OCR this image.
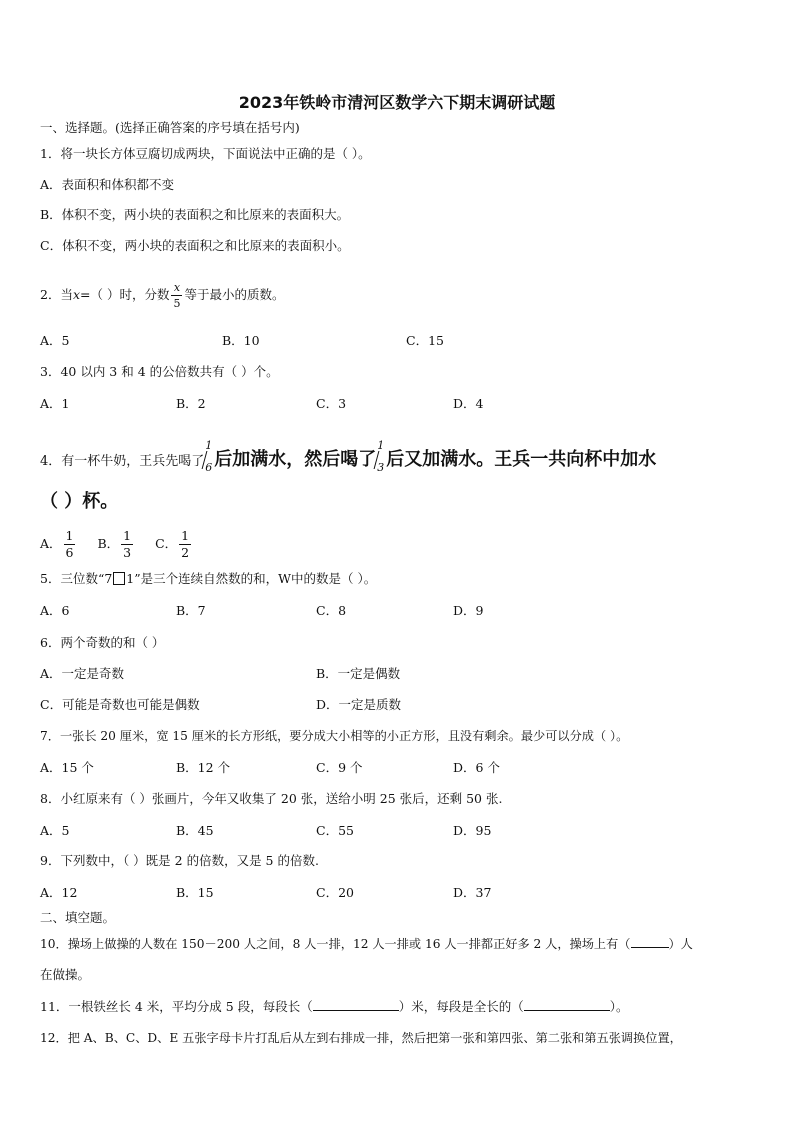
2023年铁岭市清河区数学六下期末调研试题
一、选择题。(选择正确答案的序号填在括号内)
1．将一块长方体豆腐切成两块，下面说法中正确的是（ ）。
A．表面积和体积都不变
B．体积不变，两小块的表面积之和比原来的表面积大。
C．体积不变，两小块的表面积之和比原来的表面积小。
2．当x=（ ）时，分数 $\frac{x}{5}$ 等于最小的质数。
A．5	B．10	C．15
3．40 以内 3 和 4 的公倍数共有（ ）个。
A．1	B．2	C．3	D．4
4．有一杯牛奶，王兵先喝了
1
6 后加满水，然后喝了
1
3 后又加满水。王兵一共向杯中加水
（ ）杯。
A． $\frac{1}{6}$ B． $\frac{1}{3}$ C． $\frac{1}{2}$
5．三位数“7 1”是三个连续自然数的和，W中的数是（ ）。
A．6	B．7	C．8	D．9
6．两个奇数的和（ ）
A．一定是奇数	B．一定是偶数
C．可能是奇数也可能是偶数	D．一定是质数
7．一张长 20 厘米，宽 15 厘米的长方形纸，要分成大小相等的小正方形，且没有剩余。最少可以分成（ ）。
A．15 个	B．12 个	C．9 个	D．6 个
8．小红原来有（ ）张画片，今年又收集了 20 张，送给小明 25 张后，还剩 50 张.
A．5	B．45	C．55	D．95
9．下列数中，（ ）既是 2 的倍数，又是 5 的倍数.
A．12	B．15	C．20	D．37
二、填空题。
10．操场上做操的人数在 150－200 人之间，8 人一排，12 人一排或 16 人一排都正好多 2 人，操场上有（	）人
在做操。
11．一根铁丝长 4 米，平均分成 5 段，每段长（	）米，每段是全长的（	）。
12．把 A、B、C、D、E 五张字母卡片打乱后从左到右排成一排，然后把第一张和第四张、第二张和第五张调换位置，
